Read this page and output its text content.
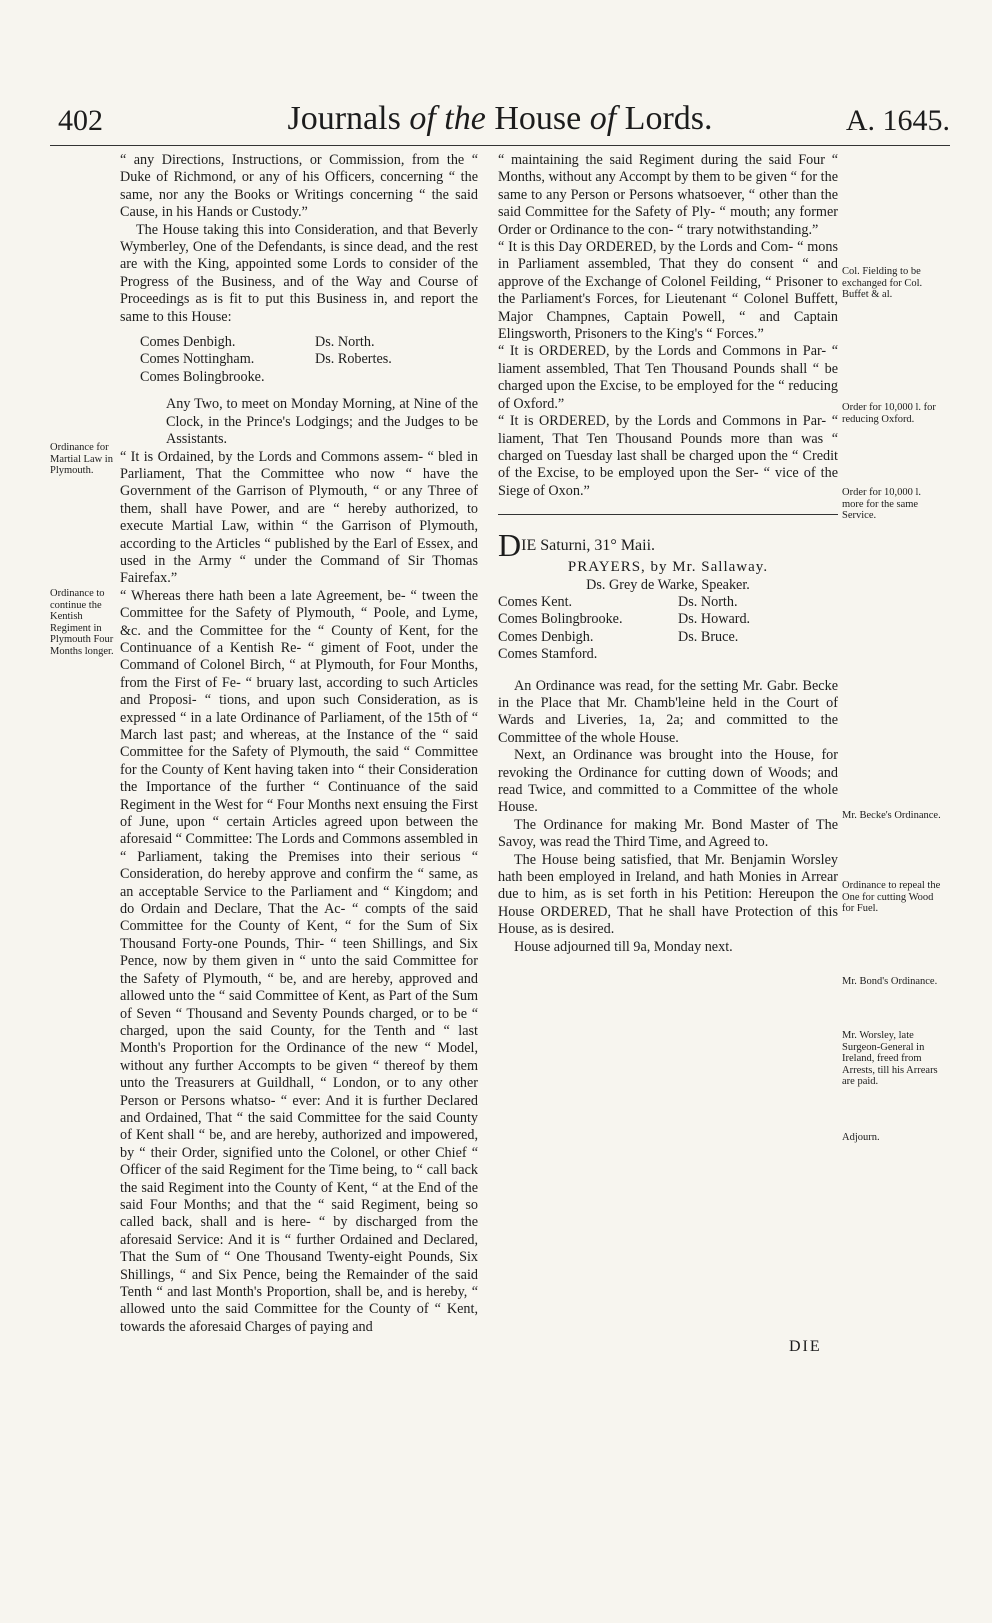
402	Journals of the House of Lords.	A. 1645.
Ordinance for Martial Law in Plymouth.
Ordinance to continue the Kentish Regiment in Plymouth Four Months longer.

“ any Directions, Instructions, or Commission, from the “ Duke of Richmond, or any of his Officers, concerning “ the same, nor any the Books or Writings concerning “ the said Cause, in his Hands or Custody.”

The House taking this into Consideration, and that Beverly Wymberley, One of the Defendants, is since dead, and the rest are with the King, appointed some Lords to consider of the Progress of the Business, and of the Way and Course of Proceedings as is fit to put this Business in, and report the same to this House:

Comes Denbigh.	Ds. North.
Comes Nottingham.	Ds. Robertes.
Comes Bolingbrooke.

Any Two, to meet on Monday Morning, at Nine of the Clock, in the Prince's Lodgings; and the Judges to be Assistants.

“ It is Ordained, by the Lords and Commons assem- “ bled in Parliament, That the Committee who now “ have the Government of the Garrison of Plymouth, “ or any Three of them, shall have Power, and are “ hereby authorized, to execute Martial Law, within “ the Garrison of Plymouth, according to the Articles “ published by the Earl of Essex, and used in the Army “ under the Command of Sir Thomas Fairefax.”

“ Whereas there hath been a late Agreement, be- “ tween the Committee for the Safety of Plymouth, “ Poole, and Lyme, &c. and the Committee for the “ County of Kent, for the Continuance of a Kentish Re- “ giment of Foot, under the Command of Colonel Birch, “ at Plymouth, for Four Months, from the First of Fe- “ bruary last, according to such Articles and Proposi- “ tions, and upon such Consideration, as is expressed “ in a late Ordinance of Parliament, of the 15th of “ March last past; and whereas, at the Instance of the “ said Committee for the Safety of Plymouth, the said “ Committee for the County of Kent having taken into “ their Consideration the Importance of the further “ Continuance of the said Regiment in the West for “ Four Months next ensuing the First of June, upon “ certain Articles agreed upon between the aforesaid “ Committee: The Lords and Commons assembled in “ Parliament, taking the Premises into their serious “ Consideration, do hereby approve and confirm the “ same, as an acceptable Service to the Parliament and “ Kingdom; and do Ordain and Declare, That the Ac- “ compts of the said Committee for the County of Kent, “ for the Sum of Six Thousand Forty-one Pounds, Thir- “ teen Shillings, and Six Pence, now by them given in “ unto the said Committee for the Safety of Plymouth, “ be, and are hereby, approved and allowed unto the “ said Committee of Kent, as Part of the Sum of Seven “ Thousand and Seventy Pounds charged, or to be “ charged, upon the said County, for the Tenth and “ last Month's Proportion for the Ordinance of the new “ Model, without any further Accompts to be given “ thereof by them unto the Treasurers at Guildhall, “ London, or to any other Person or Persons whatso- “ ever: And it is further Declared and Ordained, That “ the said Committee for the said County of Kent shall “ be, and are hereby, authorized and impowered, by “ their Order, signified unto the Colonel, or other Chief “ Officer of the said Regiment for the Time being, to “ call back the said Regiment into the County of Kent, “ at the End of the said Four Months; and that the “ said Regiment, being so called back, shall and is here- “ by discharged from the aforesaid Service: And it is “ further Ordained and Declared, That the Sum of “ One Thousand Twenty-eight Pounds, Six Shillings, “ and Six Pence, being the Remainder of the said Tenth “ and last Month's Proportion, shall be, and is hereby, “ allowed unto the said Committee for the County of “ Kent, towards the aforesaid Charges of paying and

“ maintaining the said Regiment during the said Four “ Months, without any Accompt by them to be given “ for the same to any Person or Persons whatsoever, “ other than the said Committee for the Safety of Ply- “ mouth; any former Order or Ordinance to the con- “ trary notwithstanding.”

“ It is this Day ORDERED, by the Lords and Com- “ mons in Parliament assembled, That they do consent “ and approve of the Exchange of Colonel Feilding, “ Prisoner to the Parliament's Forces, for Lieutenant “ Colonel Buffett, Major Champnes, Captain Powell, “ and Captain Elingsworth, Prisoners to the King's “ Forces.”

“ It is ORDERED, by the Lords and Commons in Par- “ liament assembled, That Ten Thousand Pounds shall “ be charged upon the Excise, to be employed for the “ reducing of Oxford.”

“ It is ORDERED, by the Lords and Commons in Par- “ liament, That Ten Thousand Pounds more than was “ charged on Tuesday last shall be charged upon the “ Credit of the Excise, to be employed upon the Ser- “ vice of the Siege of Oxon.”

DIE Saturni, 31° Maii.

PRAYERS, by Mr. Sallaway.

Ds. Grey de Warke, Speaker.

Comes Kent.	Ds. North.
Comes Bolingbrooke.	Ds. Howard.
Comes Denbigh.	Ds. Bruce.
Comes Stamford.

An Ordinance was read, for the setting Mr. Gabr. Becke in the Place that Mr. Chamb'leine held in the Court of Wards and Liveries, 1a, 2a; and committed to the Committee of the whole House.

Next, an Ordinance was brought into the House, for revoking the Ordinance for cutting down of Woods; and read Twice, and committed to a Committee of the whole House.

The Ordinance for making Mr. Bond Master of The Savoy, was read the Third Time, and Agreed to.

The House being satisfied, that Mr. Benjamin Worsley hath been employed in Ireland, and hath Monies in Arrear due to him, as is set forth in his Petition: Hereupon the House ORDERED, That he shall have Protection of this House, as is desired.

House adjourned till 9a, Monday next.

Col. Fielding to be exchanged for Col. Buffet & al.
Order for 10,000 l. for reducing Oxford.
Order for 10,000 l. more for the same Service.
Mr. Becke's Ordinance.
Ordinance to repeal the One for cutting Wood for Fuel.
Mr. Bond's Ordinance.
Mr. Worsley, late Surgeon-General in Ireland, freed from Arrests, till his Arrears are paid.
Adjourn.
DIE
